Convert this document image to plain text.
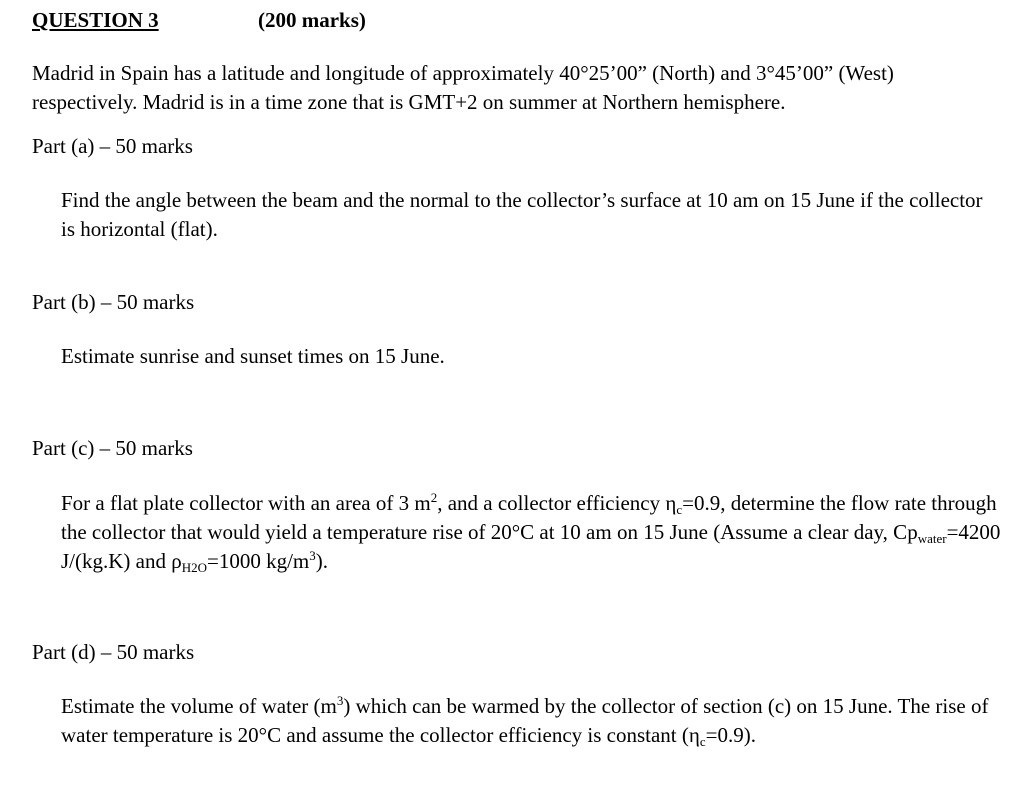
QUESTION 3	(200 marks)
Madrid in Spain has a latitude and longitude of approximately 40°25’00” (North) and 3°45’00” (West)
respectively. Madrid is in a time zone that is GMT+2 on summer at Northern hemisphere.

Part (a) – 50 marks

Find the angle between the beam and the normal to the collector’s surface at 10 am on 15 June if the collector is horizontal (flat).

Part (b) – 50 marks

Estimate sunrise and sunset times on 15 June.

Part (c) – 50 marks

For a flat plate collector with an area of 3 $m^2$, and a collector efficiency $\eta_c=0.9$, determine the flow rate through the collector that would yield a temperature rise of 20°C at 10 am on 15 June (Assume a clear day, $Cp_{water}=4200$ J/(kg.K) and $\rho_{H2O}=1000$ $kg/m^3$).

Part (d) – 50 marks

Estimate the volume of water $(m^3)$ which can be warmed by the collector of section (c) on 15 June. The rise of water temperature is 20°C and assume the collector efficiency is constant $(\eta_c=0.9)$.
